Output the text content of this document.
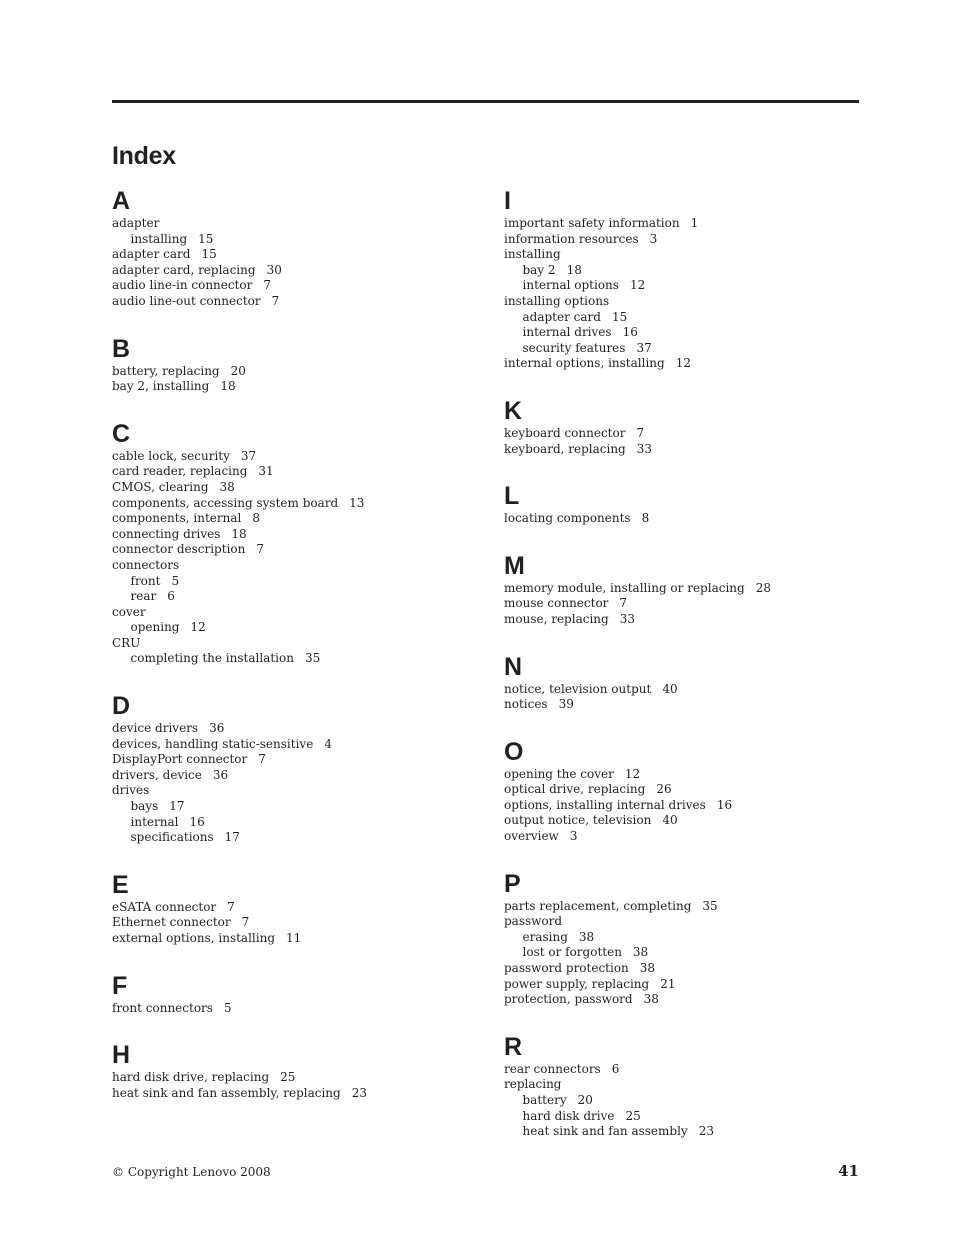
Index
A
adapter
installing 15
adapter card 15
adapter card, replacing 30
audio line-in connector 7
audio line-out connector 7
B
battery, replacing 20
bay 2, installing 18
C
cable lock, security 37
card reader, replacing 31
CMOS, clearing 38
components, accessing system board 13
components, internal 8
connecting drives 18
connector description 7
connectors
front 5
rear 6
cover
opening 12
CRU
completing the installation 35
D
device drivers 36
devices, handling static-sensitive 4
DisplayPort connector 7
drivers, device 36
drives
bays 17
internal 16
specifications 17
E
eSATA connector 7
Ethernet connector 7
external options, installing 11
F
front connectors 5
H
hard disk drive, replacing 25
heat sink and fan assembly, replacing 23
I
important safety information 1
information resources 3
installing
bay 2 18
internal options 12
installing options
adapter card 15
internal drives 16
security features 37
internal options, installing 12
K
keyboard connector 7
keyboard, replacing 33
L
locating components 8
M
memory module, installing or replacing 28
mouse connector 7
mouse, replacing 33
N
notice, television output 40
notices 39
O
opening the cover 12
optical drive, replacing 26
options, installing internal drives 16
output notice, television 40
overview 3
P
parts replacement, completing 35
password
erasing 38
lost or forgotten 38
password protection 38
power supply, replacing 21
protection, password 38
R
rear connectors 6
replacing
battery 20
hard disk drive 25
heat sink and fan assembly 23
© Copyright Lenovo 2008	41
